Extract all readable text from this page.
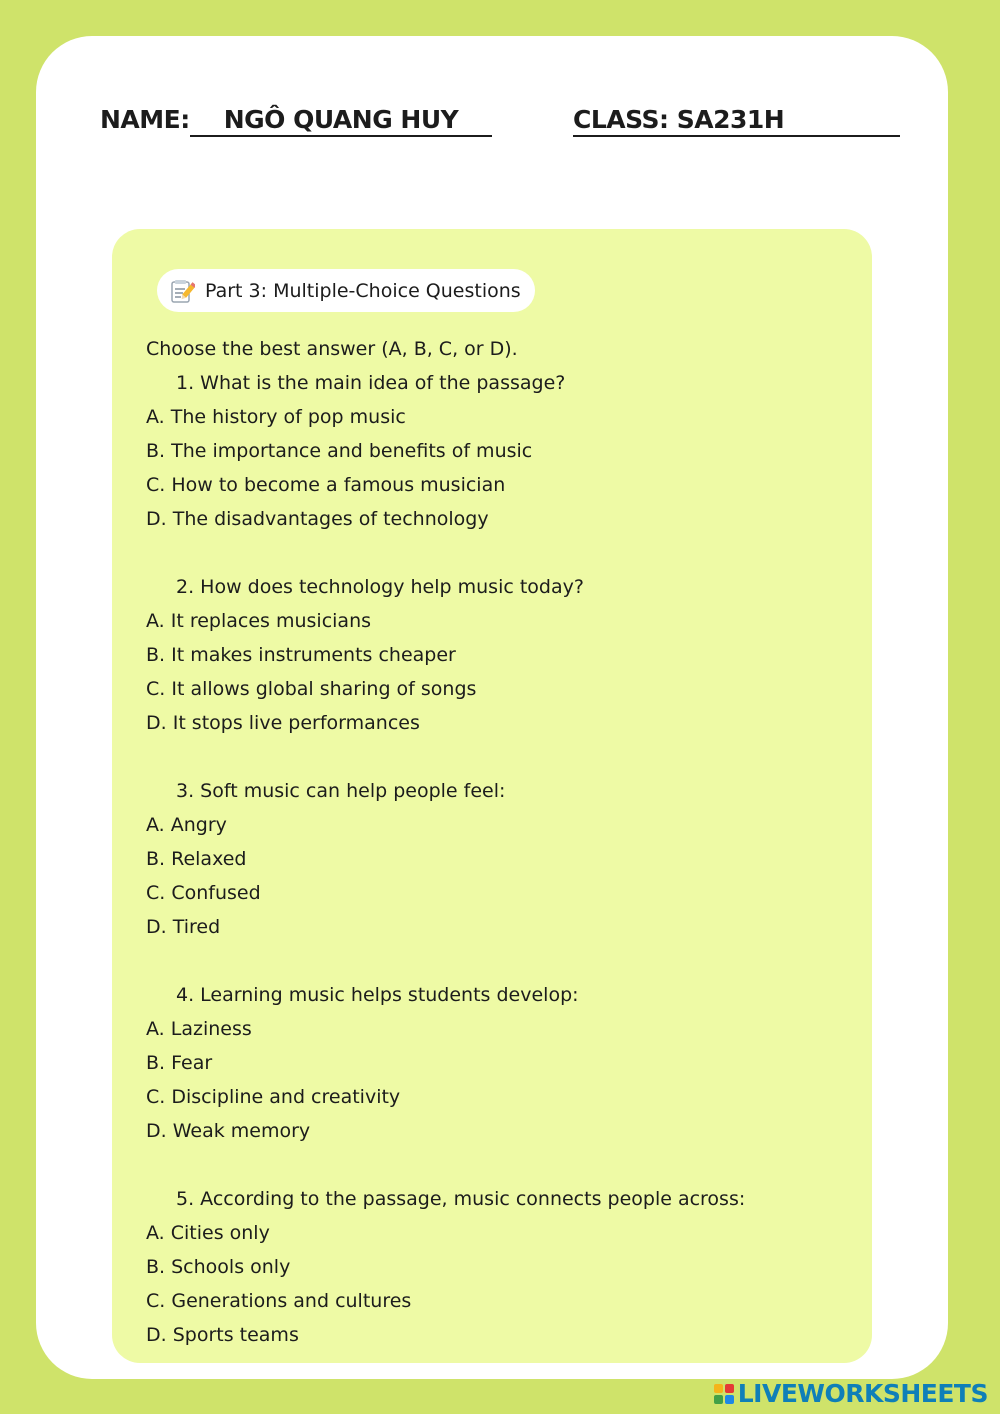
NAME:	NGÔ QUANG HUY	CLASS: SA231H
Part 3: Multiple-Choice Questions
Choose the best answer (A, B, C, or D).
1. What is the main idea of the passage?
A. The history of pop music
B. The importance and benefits of music
C. How to become a famous musician
D. The disadvantages of technology
2. How does technology help music today?
A. It replaces musicians
B. It makes instruments cheaper
C. It allows global sharing of songs
D. It stops live performances
3. Soft music can help people feel:
A. Angry
B. Relaxed
C. Confused
D. Tired
4. Learning music helps students develop:
A. Laziness
B. Fear
C. Discipline and creativity
D. Weak memory
5. According to the passage, music connects people across:
A. Cities only
B. Schools only
C. Generations and cultures
D. Sports teams
LIVEWORKSHEETS
